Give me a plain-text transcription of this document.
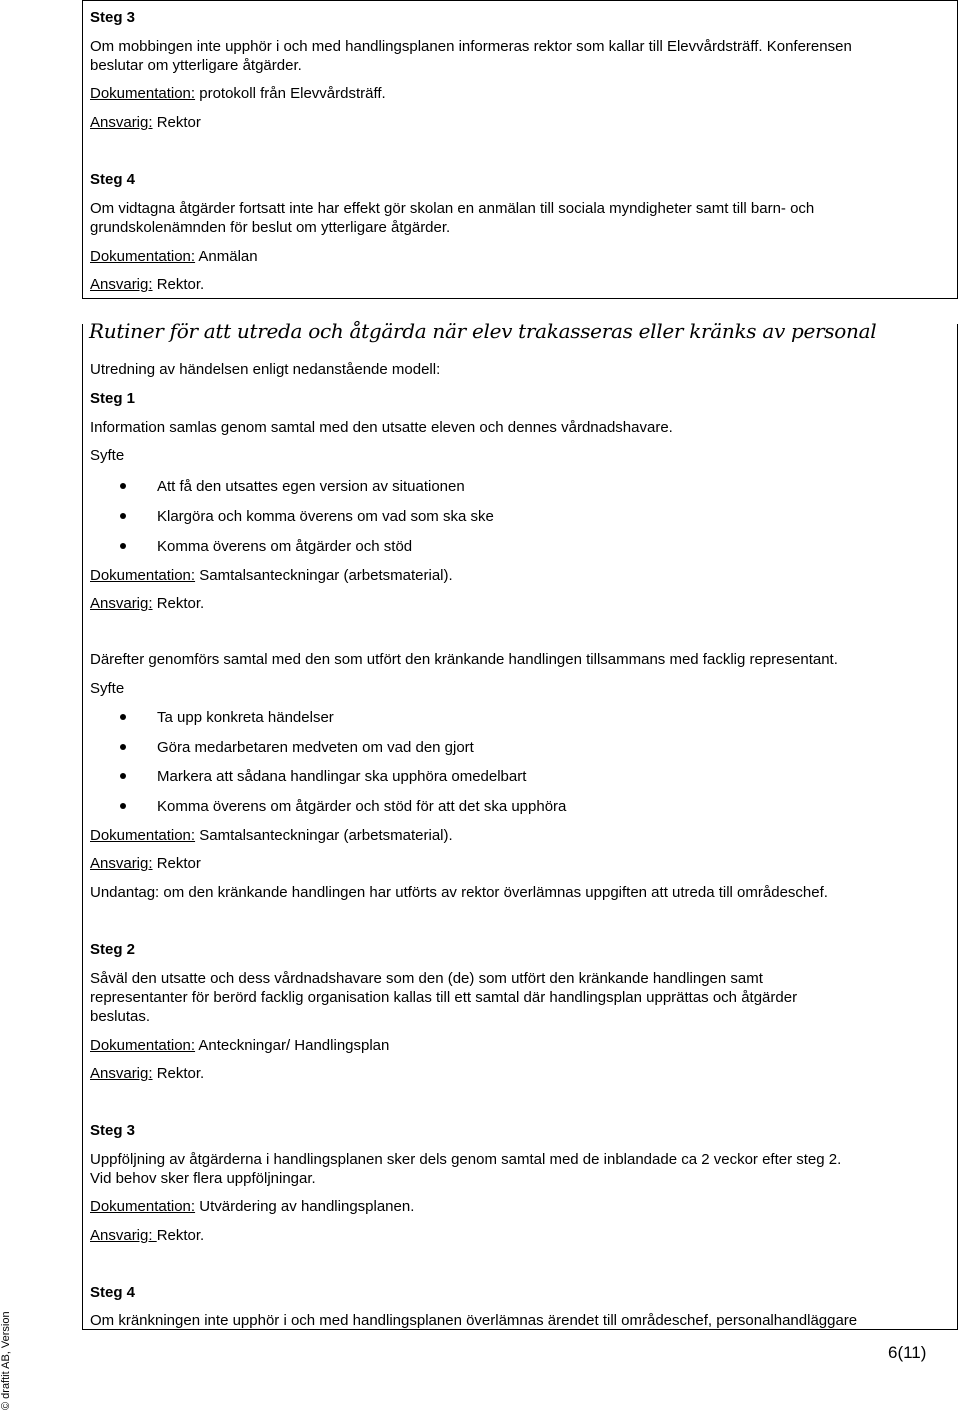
Steg 3
Om mobbingen inte upphör i och med handlingsplanen informeras rektor som kallar till Elevvårdsträff. Konferensen
beslutar om ytterligare åtgärder.
Dokumentation: protokoll från Elevvårdsträff.
Ansvarig: Rektor
Steg 4
Om vidtagna åtgärder fortsatt inte har effekt gör skolan en anmälan till sociala myndigheter samt till barn- och
grundskolenämnden för beslut om ytterligare åtgärder.
Dokumentation: Anmälan
Ansvarig: Rektor.
Rutiner för att utreda och åtgärda när elev trakasseras eller kränks av personal
Utredning av händelsen enligt nedanstående modell:
Steg 1
Information samlas genom samtal med den utsatte eleven och dennes vårdnadshavare.
Syfte
Att få den utsattes egen version av situationen
Klargöra och komma överens om vad som ska ske
Komma överens om åtgärder och stöd
Dokumentation: Samtalsanteckningar (arbetsmaterial).
Ansvarig: Rektor.
Därefter genomförs samtal med den som utfört den kränkande handlingen tillsammans med facklig representant.
Syfte
Ta upp konkreta händelser
Göra medarbetaren medveten om vad den gjort
Markera att sådana handlingar ska upphöra omedelbart
Komma överens om åtgärder och stöd för att det ska upphöra
Dokumentation: Samtalsanteckningar (arbetsmaterial).
Ansvarig: Rektor
Undantag: om den kränkande handlingen har utförts av rektor överlämnas uppgiften att utreda till områdeschef.
Steg 2
Såväl den utsatte och dess vårdnadshavare som den (de) som utfört den kränkande handlingen samt
representanter för berörd facklig organisation kallas till ett samtal där handlingsplan upprättas och åtgärder
beslutas.
Dokumentation: Anteckningar/ Handlingsplan
Ansvarig: Rektor.
Steg 3
Uppföljning av åtgärderna i handlingsplanen sker dels genom samtal med de inblandade ca 2 veckor efter steg 2.
Vid behov sker flera uppföljningar.
Dokumentation: Utvärdering av handlingsplanen.
Ansvarig: Rektor.
Steg 4
Om kränkningen inte upphör i och med handlingsplanen överlämnas ärendet till områdeschef, personalhandläggare
6(11)
© draftit AB, Version
